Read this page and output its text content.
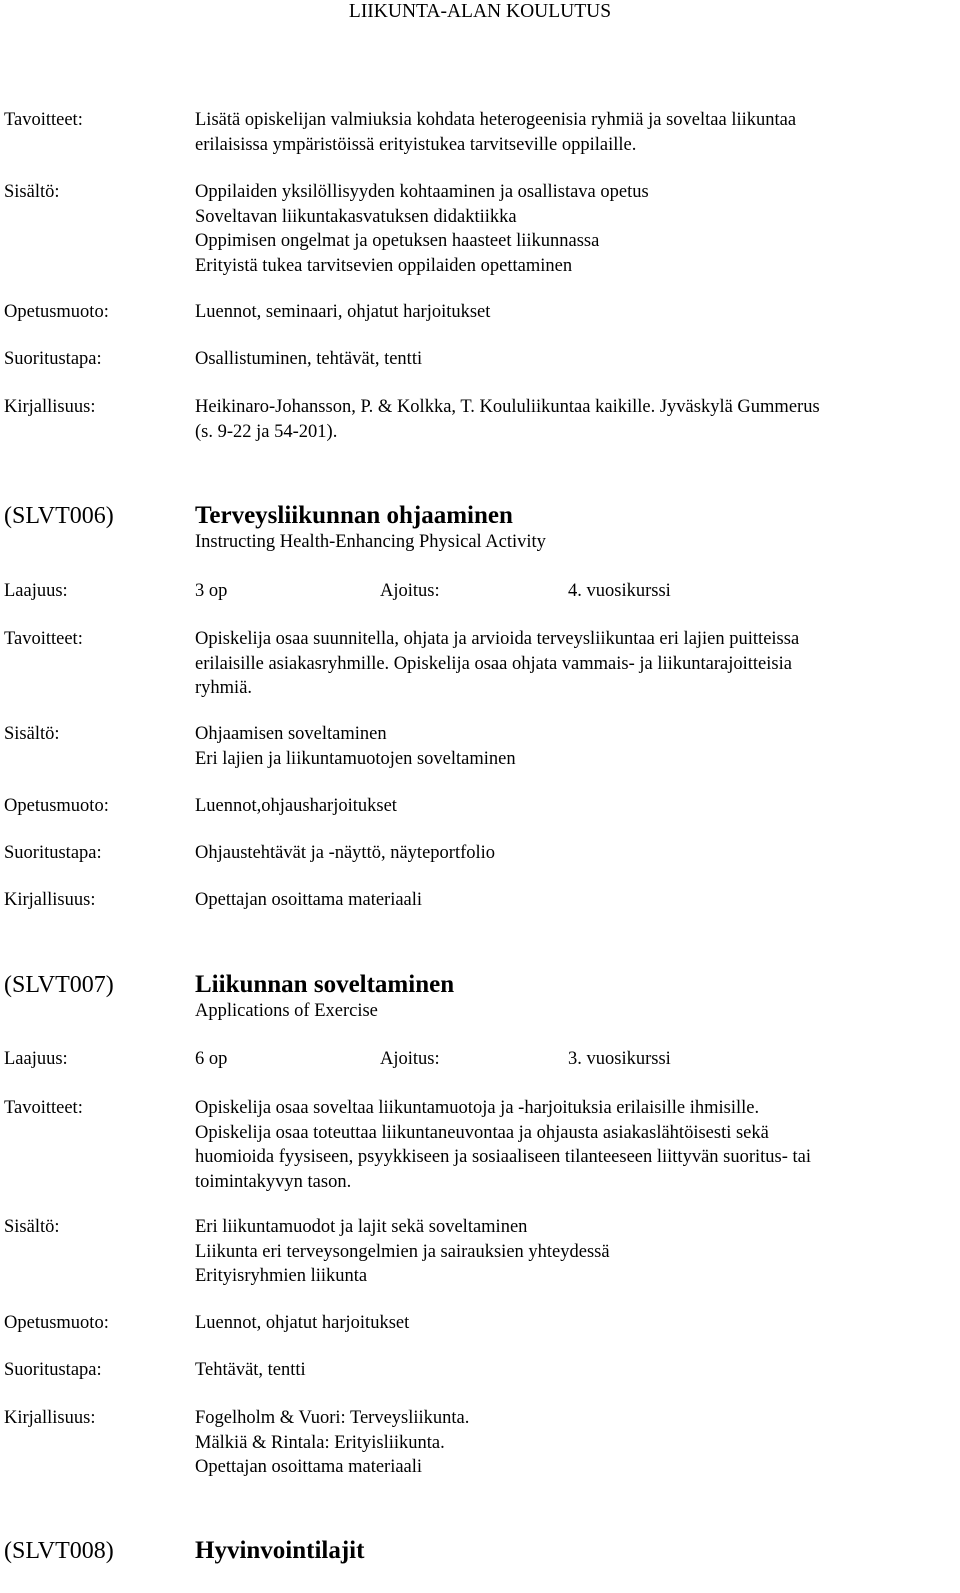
LIIKUNTA-ALAN KOULUTUS
Tavoitteet:	Lisätä opiskelijan valmiuksia kohdata heterogeenisia ryhmiä ja soveltaa liikuntaa
erilaisissa ympäristöissä erityistukea tarvitseville oppilaille.
Sisältö:	Oppilaiden yksilöllisyyden kohtaaminen ja osallistava opetus
Soveltavan liikuntakasvatuksen didaktiikka
Oppimisen ongelmat ja opetuksen haasteet liikunnassa
Erityistä tukea tarvitsevien oppilaiden opettaminen
Opetusmuoto:	Luennot, seminaari, ohjatut harjoitukset
Suoritustapa:	Osallistuminen, tehtävät, tentti
Kirjallisuus:	Heikinaro-Johansson, P. & Kolkka, T. Koululiikuntaa kaikille. Jyväskylä Gummerus
(s. 9-22 ja 54-201).
(SLVT006)	Terveysliikunnan ohjaaminen
Instructing Health-Enhancing Physical Activity
Laajuus:	3 op	Ajoitus:	4. vuosikurssi
Tavoitteet:	Opiskelija osaa suunnitella, ohjata ja arvioida terveysliikuntaa eri lajien puitteissa
erilaisille asiakasryhmille. Opiskelija osaa ohjata vammais- ja liikuntarajoitteisia
ryhmiä.
Sisältö:	Ohjaamisen soveltaminen
Eri lajien ja liikuntamuotojen soveltaminen
Opetusmuoto:	Luennot,ohjausharjoitukset
Suoritustapa:	Ohjaustehtävät ja -näyttö, näyteportfolio
Kirjallisuus:	Opettajan osoittama materiaali
(SLVT007)	Liikunnan soveltaminen
Applications of Exercise
Laajuus:	6 op	Ajoitus:	3. vuosikurssi
Tavoitteet:	Opiskelija osaa soveltaa liikuntamuotoja ja -harjoituksia erilaisille ihmisille.
Opiskelija osaa toteuttaa liikuntaneuvontaa ja ohjausta asiakaslähtöisesti sekä
huomioida fyysiseen, psyykkiseen ja sosiaaliseen tilanteeseen liittyvän suoritus- tai
toimintakyvyn tason.
Sisältö:	Eri liikuntamuodot ja lajit sekä soveltaminen
Liikunta eri terveysongelmien ja sairauksien yhteydessä
Erityisryhmien liikunta
Opetusmuoto:	Luennot, ohjatut harjoitukset
Suoritustapa:	Tehtävät, tentti
Kirjallisuus:	Fogelholm & Vuori: Terveysliikunta.
Mälkiä & Rintala: Erityisliikunta.
Opettajan osoittama materiaali
(SLVT008)	Hyvinvointilajit
